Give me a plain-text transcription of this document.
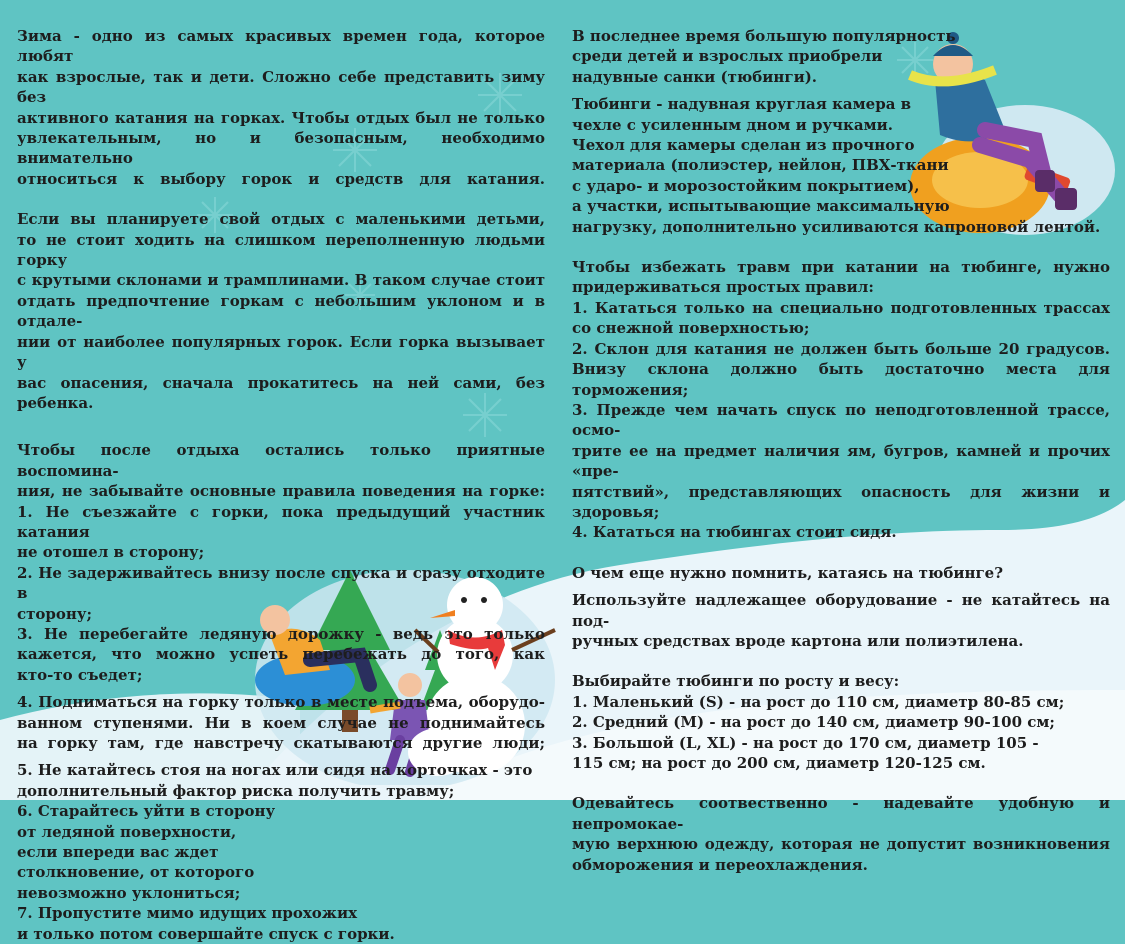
Зима - одно из самых красивых времен года, которое любят

как взрослые, так и дети. Сложно себе представить зиму без

активного катания на горках. Чтобы отдых был не только

увлекательным, но и безопасным, необходимо внимательно

относиться к выбору горок и средств для катания.

Если вы планируете свой отдых с маленькими детьми,

то не стоит ходить на слишком переполненную людьми горку

с крутыми склонами и трамплинами. В таком случае стоит

отдать предпочтение горкам с небольшим уклоном и в отдале-

нии от наиболее популярных горок. Если горка вызывает у

вас опасения, сначала прокатитесь на ней сами, без ребенка.

Чтобы после отдыха остались только приятные воспомина-

ния, не забывайте основные правила поведения на горке:

1. Не съезжайте с горки, пока предыдущий участник катания

не отошел в сторону;

2. Не задерживайтесь внизу после спуска и сразу отходите в

сторону;

3. Не перебегайте ледяную дорожку - ведь это только

кажется, что можно успеть перебежать до того, как

кто-то съедет;

4. Подниматься на горку только в месте подъема, оборудо-

ванном ступенями. Ни в коем случае не поднимайтесь

на горку там, где навстречу скатываются другие люди;

5. Не катайтесь стоя на ногах или сидя на корточках - это

дополнительный фактор риска получить травму;

6. Старайтесь уйти в сторону

от ледяной поверхности,

если впереди вас ждет

столкновение, от которого

невозможно уклониться;

7. Пропустите мимо идущих прохожих

и только потом совершайте спуск с горки.

В последнее время большую популярность

среди детей и взрослых приобрели

надувные санки (тюбинги).

Тюбинги - надувная круглая камера в

чехле с усиленным дном и ручками.

Чехол для камеры сделан из прочного

материала (полиэстер, нейлон, ПВХ-ткани

с ударо- и морозостойким покрытием),

а участки, испытывающие максимальную

нагрузку, дополнительно усиливаются капроновой лентой.

Чтобы избежать травм при катании на тюбинге, нужно

придерживаться простых правил:

1. Кататься только на специально подготовленных трассах

со снежной поверхностью;

2. Склон для катания не должен быть больше 20 градусов.

Внизу склона должно быть достаточно места для торможения;

3. Прежде чем начать спуск по неподготовленной трассе, осмо-

трите ее на предмет наличия ям, бугров, камней и прочих «пре-

пятствий», представляющих опасность для жизни и здоровья;

4. Кататься на тюбингах стоит сидя.

О чем еще нужно помнить, катаясь на тюбинге?

Используйте надлежащее оборудование - не катайтесь на под-

ручных средствах вроде картона или полиэтилена.

Выбирайте тюбинги по росту и весу:

1. Маленький (S) - на рост до 110 см, диаметр 80-85 см;

2. Средний (M) - на рост до 140 см, диаметр 90-100 см;

3. Большой (L, XL) - на рост до 170 см, диаметр 105 -

115 см; на рост до 200 см, диаметр 120-125 см.

Одевайтесь соотвественно - надевайте удобную и непромокае-

мую верхнюю одежду, которая не допустит возникновения

обморожения и переохлаждения.
